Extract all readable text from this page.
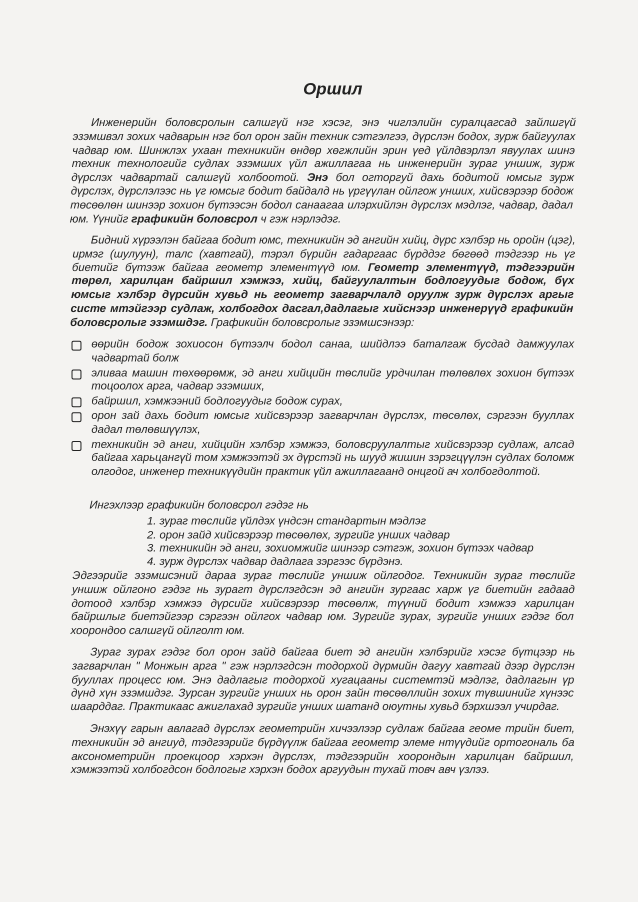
Оршил

Инженерийн боловсролын салшгүй нэг хэсэг, энэ чиглэлийн суралцагсад зайлшгүй эзэмшвэл зохих чадварын нэг бол орон зайн техник сэтгэлгээ, дүрслэн бодох, зурж байгуулах чадвар юм. Шинжлэх ухаан техникийн өндөр хөгжлийн эрин үед үйлдвэрлэл явуулах шинэ техник технологийг судлах эзэмших үйл ажиллагаа нь инженерийн зураг уншиж, зурж дүрслэх чадвартай салшгүй холбоотой. Энэ бол огторгуй дахь бодитой юмсыг зурж дүрслэх, дүрслэлээс нь үг юмсыг бодит байдалд нь үргүүлан ойлгож унших, хийсвэрээр бодож төсөөлөн шинээр зохион бүтээсэн бодол санаагаа илэрхийлэн дүрслэх мэдлэг, чадвар, дадал юм. Үүнийг графикийн боловсрол ч гэж нэрлэдэг.

Бидний хүрээлэн байгаа бодит юмс, техникийн эд ангийн хийц, дүрс хэлбэр нь оройн (цэг), ирмэг (шулуун), талс (хавтгай), тэрэл бүрийн гадаргаас бүрддэг бөгөөд тэдгээр нь үг биетийг бүтээж байгаа геометр элементүүд юм. Геометр элементүүд, тэдгээрийн төрөл, харилцан байршил хэмжээ, хийц, байгуулалтын бодлогуудыг бодож, бүх юмсыг хэлбэр дүрсийн хувьд нь геометр загварчлалд оруулж зурж дүрслэх аргыг систе мтэйгээр судлаж, холбогдох дасгал,дадлагыг хийснээр инженерүүд графикийн боловсролыг эзэмшдэг. Графикийн боловсролыг эзэмшсэнээр:

өөрийн бодож зохиосон бүтээлч бодол санаа, шийдлээ баталгаж бусдад дамжуулах чадвартай болж
эливаа машин төхөөрөмж, эд анги хийцийн төслийг урдчилан төлөвлөх зохион бүтээх тоцоолох арга, чадвар эзэмших,
байршил, хэмжээний бодлогуудыг бодож сурах,
орон зай дахь бодит юмсыг хийсвэрээр загварчлан дүрслэх, төсөлөх, сэргээн бууллах дадал төлөвшүүлэх,
техникийн эд анги, хийцийн хэлбэр хэмжээ, боловсруулалтыг хийсвэрээр судлаж, алсад байгаа харьцангүй том хэмжээтэй эх дүрстэй нь шууд жишин зэрэгцүүлэн судлах боломж олгодог, инженер техникүүдийн практик үйл ажиллагаанд онцгой ач холбогдолтой.

Ингэхлээр графикийн боловсрол гэдэг нь

1. зураг төслийг үйлдэх үндсэн стандартын мэдлэг
2. орон зайд хийсвэрээр төсөөлөх, зургийг унших чадвар
3. техникийн эд анги, зохиомжийг шинээр сэтгэж, зохион бүтээх чадвар
4. зурж дүрслэх чадвар дадлага зэргээс бүрдэнэ.

Эдгээрийг эзэмшсэний дараа зураг төслийг уншиж ойлгодог. Техникийн зураг төслийг уншиж ойлгоно гэдэг нь зурагт дүрслэгдсэн эд ангийн зургаас харж үг биетийн гадаад дотоод хэлбэр хэмжээ дүрсийг хийсвэрээр төсөөлж, түүний бодит хэмжээ харилцан байршлыг биетэйгээр сэргээн ойлгох чадвар юм. Зургийг зурах, зургийг унших гэдэг бол хоорондоо салшгүй ойлголт юм.

Зураг зурах гэдэг бол орон зайд байгаа биет эд ангийн хэлбэрийг хэсэг бүтцээр нь загварчлан " Монжын арга " гэж нэрлэгдсэн тодорхой дүрмийн дагуу хавтгай дээр дүрслэн бууллах процесс юм. Энэ дадлагыг тодорхой хугацааны системтэй мэдлэг, дадлагын үр дүнд хүн эзэмшдэг. Зурсан зургийг унших нь орон зайн төсөөллийн зохих түвшинийг хүнээс шаарддаг. Практикаас ажиглахад зургийг унших шатанд оюутны хувьд бэрхшээл учирдаг.

Энэхүү гарын авлагад дүрслэх геометрийн хичээлээр судлаж байгаа геоме трийн биет, техникийн эд ангиуд, тэдгээрийг бүрдүүлж байгаа геометр элеме нтүүдийг ортогональ ба аксонометрийн проекцоор хэрхэн дүрслэх, тэдгээрийн хоорондын харилцан байршил, хэмжээтэй холбогдсон бодлогыг хэрхэн бодох аргуудын тухай товч авч үзлээ.
